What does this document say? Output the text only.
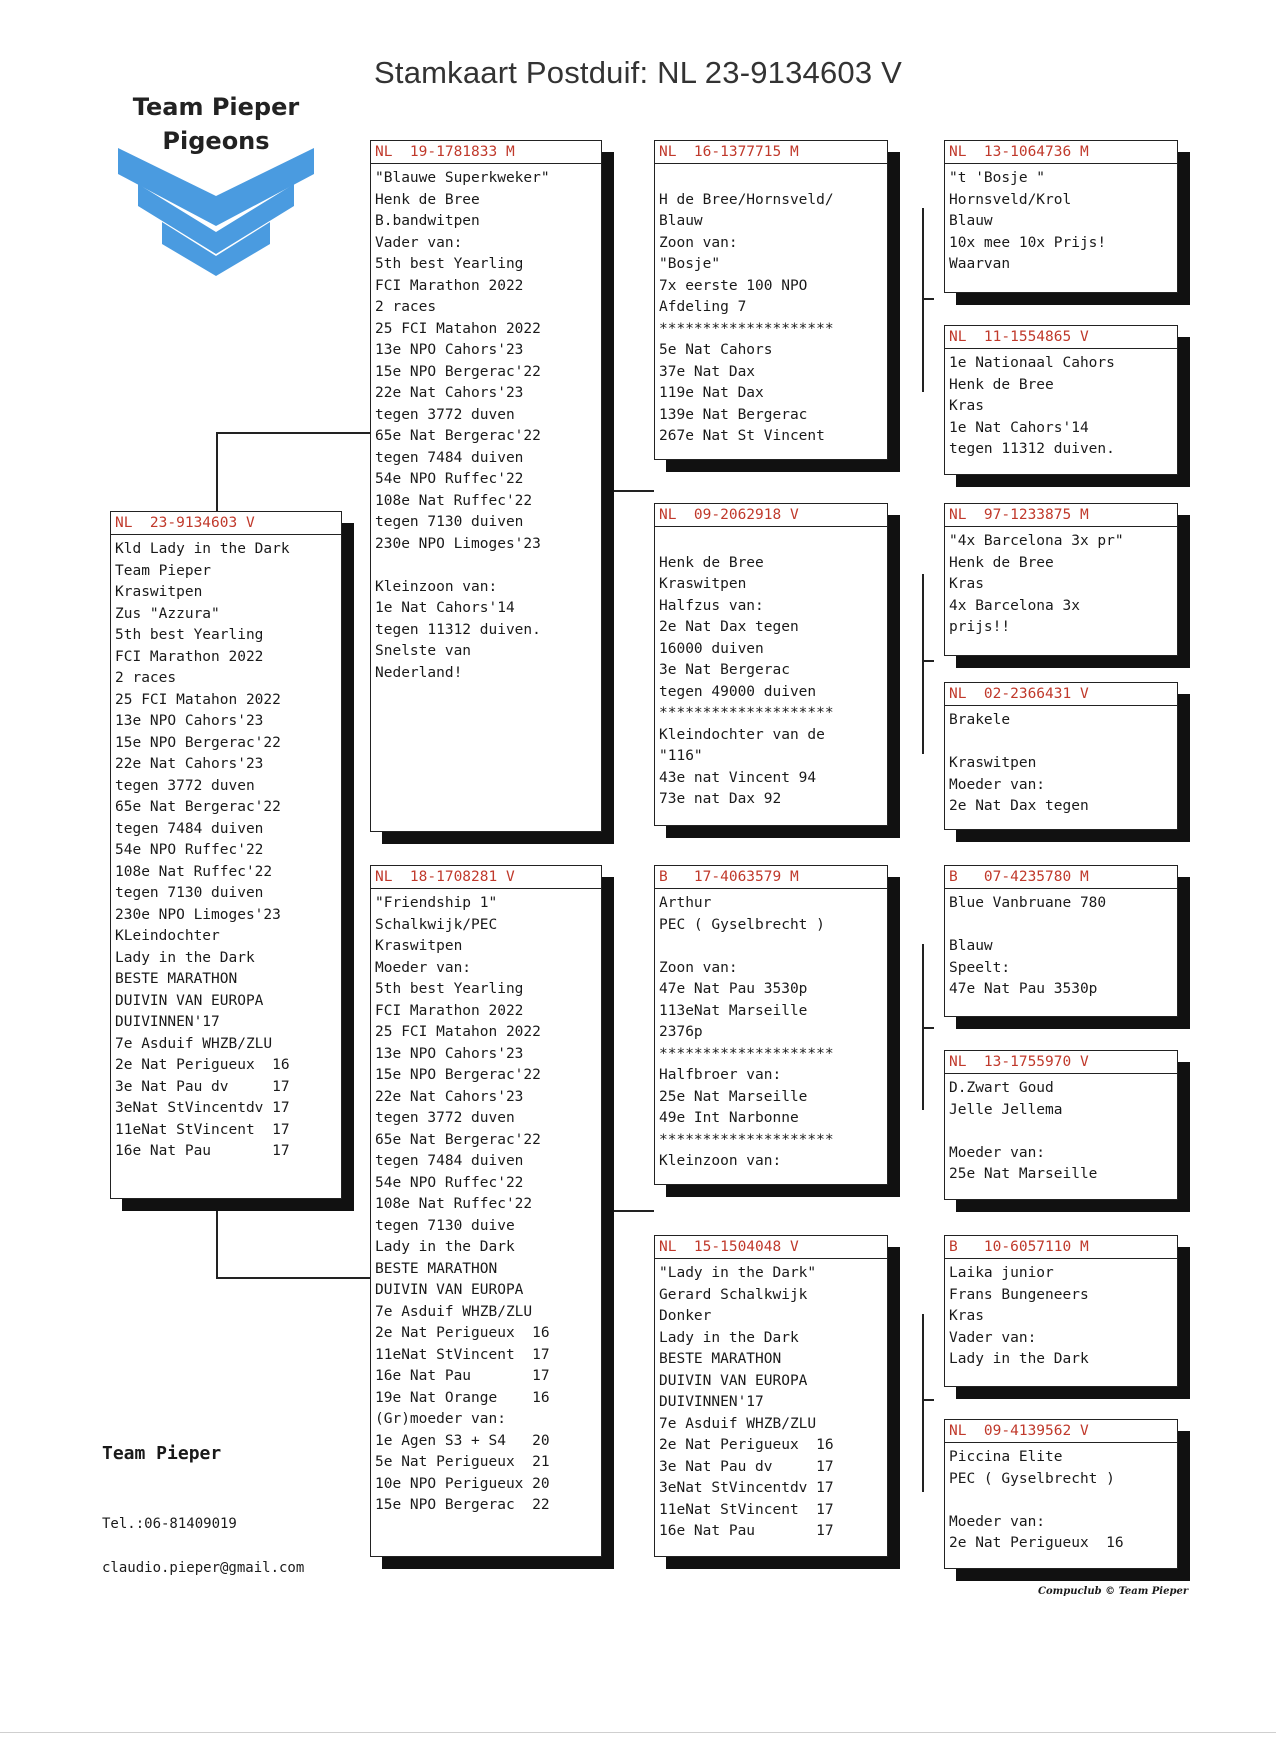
Stamkaart Postduif: NL 23-9134603 V
Team Pieper
Pigeons
NL  23-9134603 V
Kld Lady in the Dark
Team Pieper
Kraswitpen
Zus "Azzura"
5th best Yearling
FCI Marathon 2022
2 races
25 FCI Matahon 2022
13e NPO Cahors'23
15e NPO Bergerac'22
22e Nat Cahors'23
tegen 3772 duven
65e Nat Bergerac'22
tegen 7484 duiven
54e NPO Ruffec'22
108e Nat Ruffec'22
tegen 7130 duiven
230e NPO Limoges'23
KLeindochter
Lady in the Dark
BESTE MARATHON
DUIVIN VAN EUROPA
DUIVINNEN'17
7e Asduif WHZB/ZLU
2e Nat Perigueux  16
3e Nat Pau dv     17
3eNat StVincentdv 17
11eNat StVincent  17
16e Nat Pau       17
NL  19-1781833 M
"Blauwe Superkweker"
Henk de Bree
B.bandwitpen
Vader van:
5th best Yearling
FCI Marathon 2022
2 races
25 FCI Matahon 2022
13e NPO Cahors'23
15e NPO Bergerac'22
22e Nat Cahors'23
tegen 3772 duven
65e Nat Bergerac'22
tegen 7484 duiven
54e NPO Ruffec'22
108e Nat Ruffec'22
tegen 7130 duiven
230e NPO Limoges'23

Kleinzoon van:
1e Nat Cahors'14
tegen 11312 duiven.
Snelste van
Nederland!
NL  18-1708281 V
"Friendship 1"
Schalkwijk/PEC
Kraswitpen
Moeder van:
5th best Yearling
FCI Marathon 2022
25 FCI Matahon 2022
13e NPO Cahors'23
15e NPO Bergerac'22
22e Nat Cahors'23
tegen 3772 duven
65e Nat Bergerac'22
tegen 7484 duiven
54e NPO Ruffec'22
108e Nat Ruffec'22
tegen 7130 duive
Lady in the Dark
BESTE MARATHON
DUIVIN VAN EUROPA
7e Asduif WHZB/ZLU
2e Nat Perigueux  16
11eNat StVincent  17
16e Nat Pau       17
19e Nat Orange    16
(Gr)moeder van:
1e Agen S3 + S4   20
5e Nat Perigueux  21
10e NPO Perigueux 20
15e NPO Bergerac  22
NL  16-1377715 M

H de Bree/Hornsveld/
Blauw
Zoon van:
"Bosje"
7x eerste 100 NPO
Afdeling 7
********************
5e Nat Cahors
37e Nat Dax
119e Nat Dax
139e Nat Bergerac
267e Nat St Vincent
NL  09-2062918 V

Henk de Bree
Kraswitpen
Halfzus van:
2e Nat Dax tegen
16000 duiven
3e Nat Bergerac
tegen 49000 duiven
********************
Kleindochter van de
"116"
43e nat Vincent 94
73e nat Dax 92
B   17-4063579 M
Arthur
PEC ( Gyselbrecht )

Zoon van:
47e Nat Pau 3530p
113eNat Marseille
2376p
********************
Halfbroer van:
25e Nat Marseille
49e Int Narbonne
********************
Kleinzoon van:
NL  15-1504048 V
"Lady in the Dark"
Gerard Schalkwijk
Donker
Lady in the Dark
BESTE MARATHON
DUIVIN VAN EUROPA
DUIVINNEN'17
7e Asduif WHZB/ZLU
2e Nat Perigueux  16
3e Nat Pau dv     17
3eNat StVincentdv 17
11eNat StVincent  17
16e Nat Pau       17
NL  13-1064736 M
"t 'Bosje "
Hornsveld/Krol
Blauw
10x mee 10x Prijs!
Waarvan
NL  11-1554865 V
1e Nationaal Cahors
Henk de Bree
Kras
1e Nat Cahors'14
tegen 11312 duiven.
NL  97-1233875 M
"4x Barcelona 3x pr"
Henk de Bree
Kras
4x Barcelona 3x
prijs!!
NL  02-2366431 V
Brakele

Kraswitpen
Moeder van:
2e Nat Dax tegen
B   07-4235780 M
Blue Vanbruane 780

Blauw
Speelt:
47e Nat Pau 3530p
NL  13-1755970 V
D.Zwart Goud
Jelle Jellema

Moeder van:
25e Nat Marseille
B   10-6057110 M
Laika junior
Frans Bungeneers
Kras
Vader van:
Lady in the Dark
NL  09-4139562 V
Piccina Elite
PEC ( Gyselbrecht )

Moeder van:
2e Nat Perigueux  16
Team Pieper
Tel.:06-81409019
claudio.pieper@gmail.com
Compuclub © Team Pieper
